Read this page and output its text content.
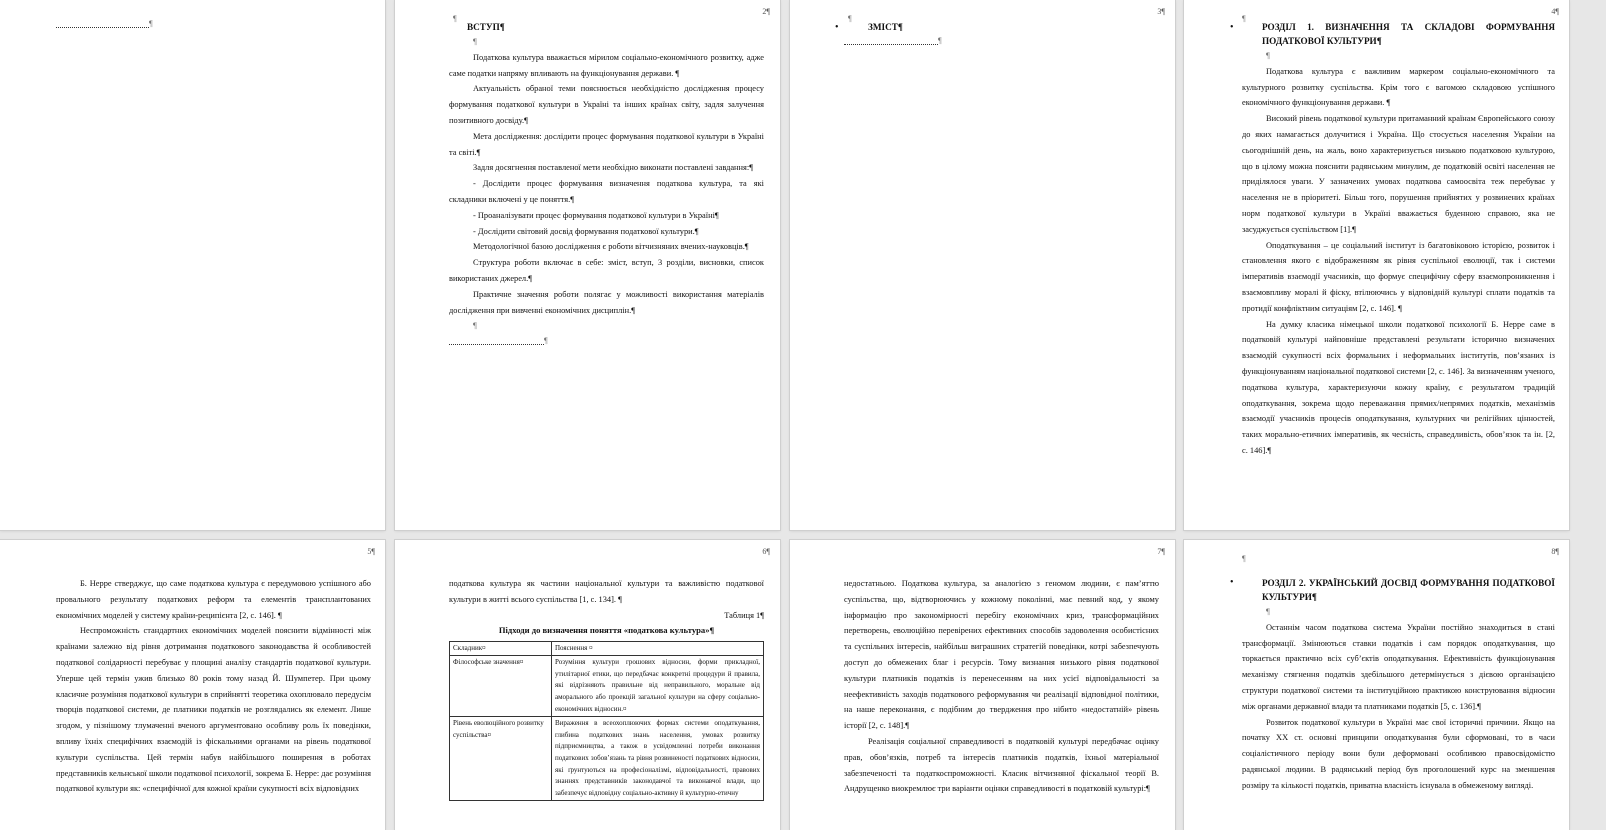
¶
2¶
¶

ВСТУП¶

¶

Податкова культура вважається мірилом соціально-економічного розвитку, адже саме податки напряму впливають на функціонування держави. ¶

Актуальність обраної теми пояснюється необхідністю дослідження процесу формування податкової культури в Україні та інших країнах світу, задля залучення позитивного досвіду.¶

Мета дослідження: дослідити процес формування податкової культури в Україні та світі.¶

Задля досягнення поставленої мети необхідно виконати поставлені завдання:¶

- Дослідити процес формування визначення податкова культура, та які складники включені у це поняття.¶

- Проаналізувати процес формування податкової культури в Україні¶

- Дослідити світовий досвід формування податкової культури.¶

Методологічної базою дослідження є роботи вітчизняних вчених-науковців.¶

Структура роботи включає в себе: зміст, вступ, 3 розділи, висновки, список використаних джерел.¶

Практичне значення роботи полягає у можливості використання матеріалів дослідження при вивченні економічних дисциплін.¶

¶

¶
3¶
¶
•	ЗМІСТ¶

¶
4¶
¶
•	РОЗДІЛ 1. ВИЗНАЧЕННЯ ТА СКЛАДОВІ ФОРМУВАННЯ ПОДАТКОВОЇ КУЛЬТУРИ¶

¶

Податкова культура є важливим маркером соціально-економічного та культурного розвитку суспільства. Крім того є вагомою складовою успішного економічного функціонування держави. ¶

Високий рівень податкової культури притаманний країнам Європейського союзу до яких намагається долучитися і Україна. Що стосується населення України на сьогоднішній день, на жаль, воно характеризується низькою податковою культурою, що в цілому можна пояснити радянським минулим, де податковій освіті населення не приділялося уваги. У зазначених умовах податкова самоосвіта теж перебуває у населення не в пріоритеті. Більш того, порушення прийнятих у розвинених країнах норм податкової культури в Україні вважається буденною справою, яка не засуджується суспільством [1].¶

Оподаткування – це соціальний інститут із багатовіковою історією, розвиток і становлення якого є відображенням як рівня суспільної еволюції, так і системи імперативів взаємодії учасників, що формує специфічну сферу взаємопроникнення і взаємовпливу моралі й фіску, втілюючись у відповідній культурі сплати податків та протидії конфліктним ситуаціям [2, с. 146]. ¶

На думку класика німецької школи податкової психології Б. Нерре саме в податковій культурі найповніше представлені результати історично визначених взаємодій сукупності всіх формальних і неформальних інститутів, пов’язаних із функціонуванням національної податкової системи [2, с. 146]. За визначенням ученого, податкова культура, характеризуючи кожну країну, є результатом традицій оподаткування, зокрема щодо переважання прямих/непрямих податків, механізмів взаємодії учасників процесів оподаткування, культурних чи релігійних цінностей, таких морально-етичних імперативів, як чесність, справедливість, обов’язок та ін. [2, с. 146].¶

5¶

Б. Нерре стверджує, що саме податкова культура є передумовою успішного або провального результату податкових реформ та елементів трансплантованих економічних моделей у систему країни-реципієнта [2, с. 146]. ¶

Неспроможність стандартних економічних моделей пояснити відмінності між країнами залежно від рівня дотримання податкового законодавства й особливостей податкової солідарності перебуває у площині аналізу стандартів податкової культури. Уперше цей термін ужив близько 80 років тому назад Й. Шумпетер. При цьому класичне розуміння податкової культури в сприйнятті теоретика охоплювало передусім творців податкової системи, де платники податків не розглядались як елемент. Лише згодом, у пізнішому тлумаченні вченого аргументовано особливу роль їх поведінки, впливу їхніх специфічних взаємодій із фіскальними органами на рівень податкової культури суспільства. Цей термін набув найбільшого поширення в роботах представників кельнської школи податкової психології, зокрема Б. Нерре: дає розуміння податкової культури як: «специфічної для кожної країни сукупності всіх відповідних

6¶

податкова культура як частини національної культури та важливістю податкової культури в житті всього суспільства [1, с. 134]. ¶

Таблиця 1¶

Підходи до визначення поняття «податкова культура»¶

Складник¤	Пояснення ¤
Філософське значення¤	Розуміння культури грошових відносин, форми прикладної, утилітарної етики, що передбачає конкретні процедури й правила, які відрізняють правильне від неправильного, моральне від аморального або проекцій загальної культури на сферу соціально-економічних відносин.¤
Рівень еволюційного розвитку суспільства¤	Вираження в всеохоплюючих формах системи оподаткування, глибина податкових знань населення, умовах розвитку підприємництва, а також в усвідомленні потреби виконання податкових зобов’язань та рівня розвиненості податкових відносин, які ґрунтуються на професіоналізмі, відповідальності, правових знаннях представників законодавчої та виконавчої влади, що забезпечує відповідну соціально-активну й культурно-етичну
7¶

недостатньою. Податкова культура, за аналогією з геномом людини, є пам’яттю суспільства, що, відтворюючись у кожному поколінні, має певний код, у якому інформацію про закономірності перебігу економічних криз, трансформаційних перетворень, еволюційно перевірених ефективних способів задоволення особистісних та суспільних інтересів, найбільш виграшних стратегій поведінки, котрі забезпечують доступ до обмежених благ і ресурсів. Тому визнання низького рівня податкової культури платників податків із перенесенням на них усієї відповідальності за неефективність заходів податкового реформування чи реалізації відповідної політики, на наше переконання, є подібним до твердження про нібито «недостатній» рівень історії [2, с. 148].¶

Реалізація соціальної справедливості в податковій культурі передбачає оцінку прав, обов’язків, потреб та інтересів платників податків, їхньої матеріальної забезпеченості та податкоспроможності. Класик вітчизняної фіскальної теорії В. Андрущенко виокремлює три варіанти оцінки справедливості в податковій культурі:¶

8¶
¶
•	РОЗДІЛ 2. УКРАЇНСЬКИЙ ДОСВІД ФОРМУВАННЯ ПОДАТКОВОЇ КУЛЬТУРИ¶

¶

Останнім часом податкова система України постійно знаходиться в стані трансформації. Змінюються ставки податків і сам порядок оподаткування, що торкається практично всіх суб’єктів оподаткування. Ефективність функціонування механізму стягнення податків здебільшого детермінується з дієвою організацією структури податкової системи та інституційною практикою конструювання відносин між органами державної влади та платниками податків [5, с. 136].¶

Розвиток податкової культури в Україні має свої історичні причини. Якщо на початку XX ст. основні принципи оподаткування були сформовані, то в часи соціалістичного періоду вони були деформовані особливою правосвідомістю радянської людини. В радянський період був проголошений курс на зменшення розміру та кількості податків, приватна власність існувала в обмеженому вигляді.
